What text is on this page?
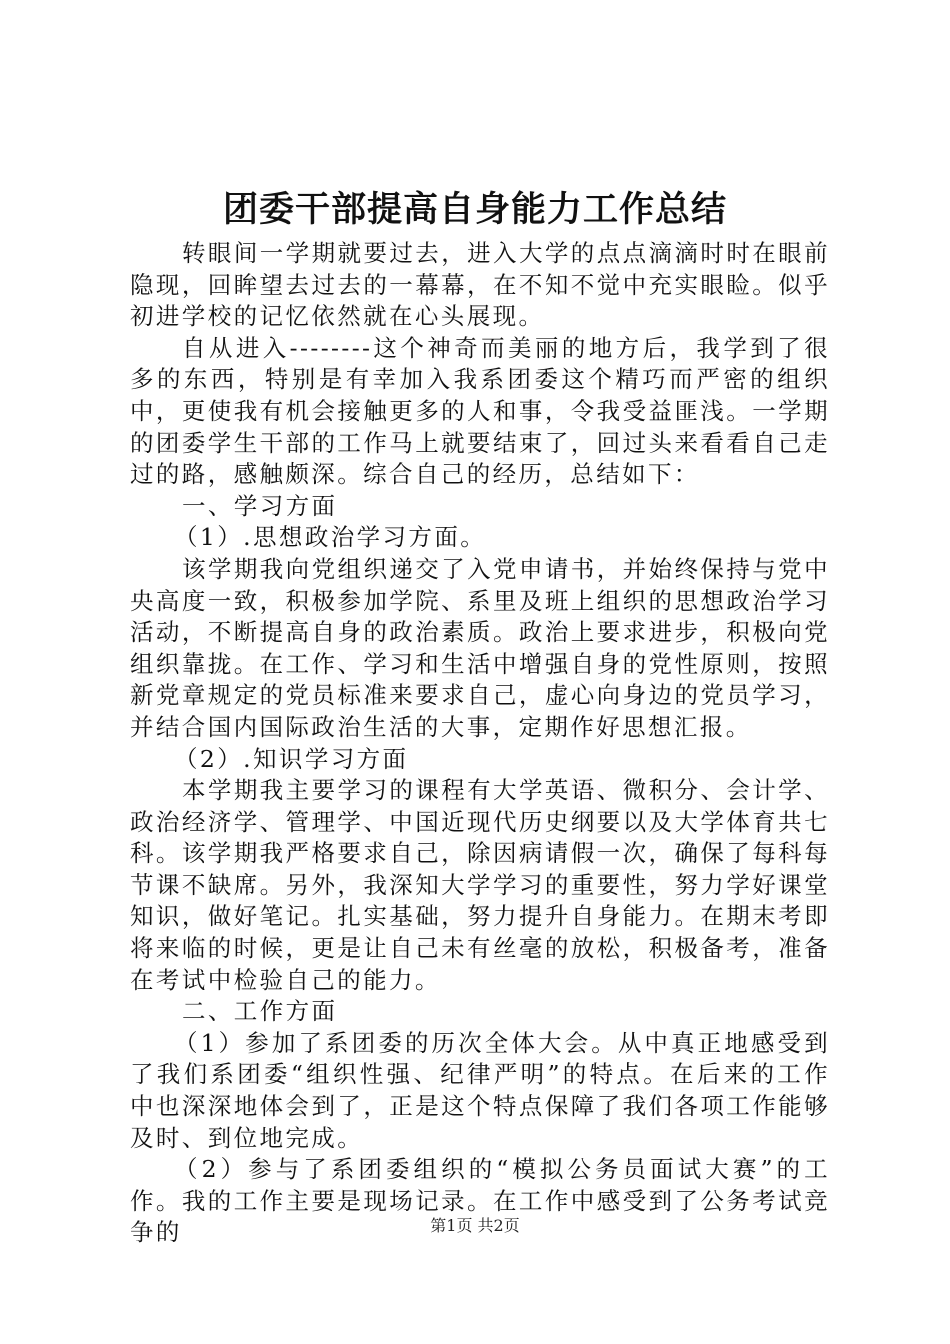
团委干部提高自身能力工作总结

转眼间一学期就要过去，进入大学的点点滴滴时时在眼前隐现，回眸望去过去的一幕幕，在不知不觉中充实眼睑。似乎初进学校的记忆依然就在心头展现。

自从进入--------这个神奇而美丽的地方后，我学到了很多的东西，特别是有幸加入我系团委这个精巧而严密的组织中，更使我有机会接触更多的人和事，令我受益匪浅。一学期的团委学生干部的工作马上就要结束了，回过头来看看自己走过的路，感触颇深。综合自己的经历，总结如下：

一、学习方面

（1）.思想政治学习方面。

该学期我向党组织递交了入党申请书，并始终保持与党中央高度一致，积极参加学院、系里及班上组织的思想政治学习活动，不断提高自身的政治素质。政治上要求进步，积极向党组织靠拢。在工作、学习和生活中增强自身的党性原则，按照新党章规定的党员标准来要求自己，虚心向身边的党员学习，并结合国内国际政治生活的大事，定期作好思想汇报。

（2）.知识学习方面

本学期我主要学习的课程有大学英语、微积分、会计学、政治经济学、管理学、中国近现代历史纲要以及大学体育共七科。该学期我严格要求自己，除因病请假一次，确保了每科每节课不缺席。另外，我深知大学学习的重要性，努力学好课堂知识，做好笔记。扎实基础，努力提升自身能力。在期末考即将来临的时候，更是让自己未有丝毫的放松，积极备考，准备在考试中检验自己的能力。

二、工作方面

（1）参加了系团委的历次全体大会。从中真正地感受到了我们系团委“组织性强、纪律严明”的特点。在后来的工作中也深深地体会到了，正是这个特点保障了我们各项工作能够及时、到位地完成。

（2）参与了系团委组织的“模拟公务员面试大赛”的工作。我的工作主要是现场记录。在工作中感受到了公务考试竞争的	第1页 共2页
